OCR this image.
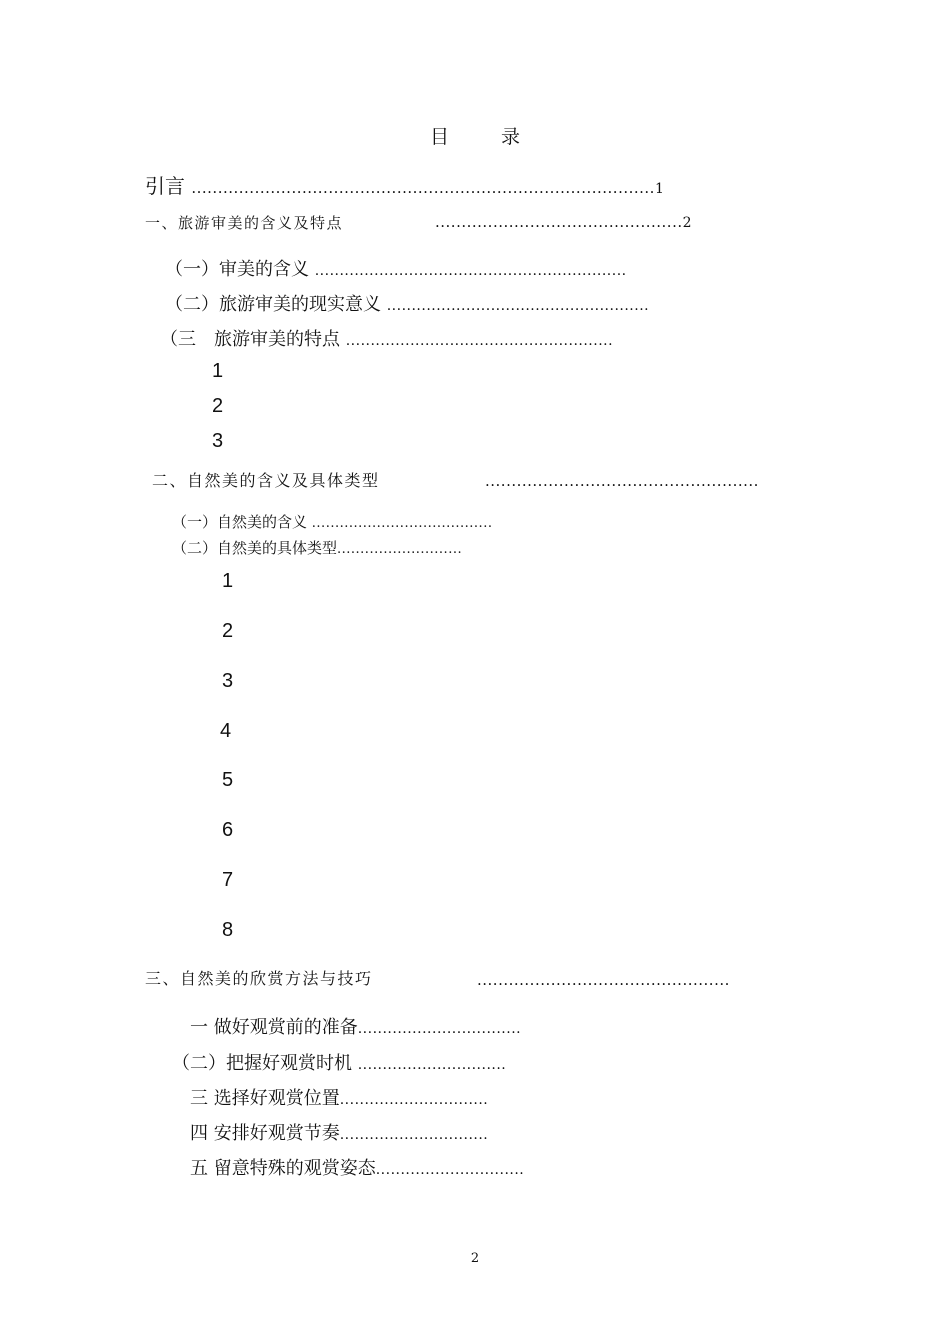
目	录
引言 ........................................................................................1
一、旅游审美的含义及特点	...............................................2
（一）审美的含义 ...............................................................
（二）旅游审美的现实意义 .....................................................
（三　旅游审美的特点 ......................................................
1
2
3
二、自然美的含义及具体类型	....................................................
（一）自然美的含义 .......................................
（二）自然美的具体类型...........................
1
2
3
4
5
6
7
8
三、自然美的欣赏方法与技巧	................................................
一 做好观赏前的准备.................................
（二）把握好观赏时机 ..............................
三 选择好观赏位置..............................
四 安排好观赏节奏..............................
五 留意特殊的观赏姿态..............................
2
